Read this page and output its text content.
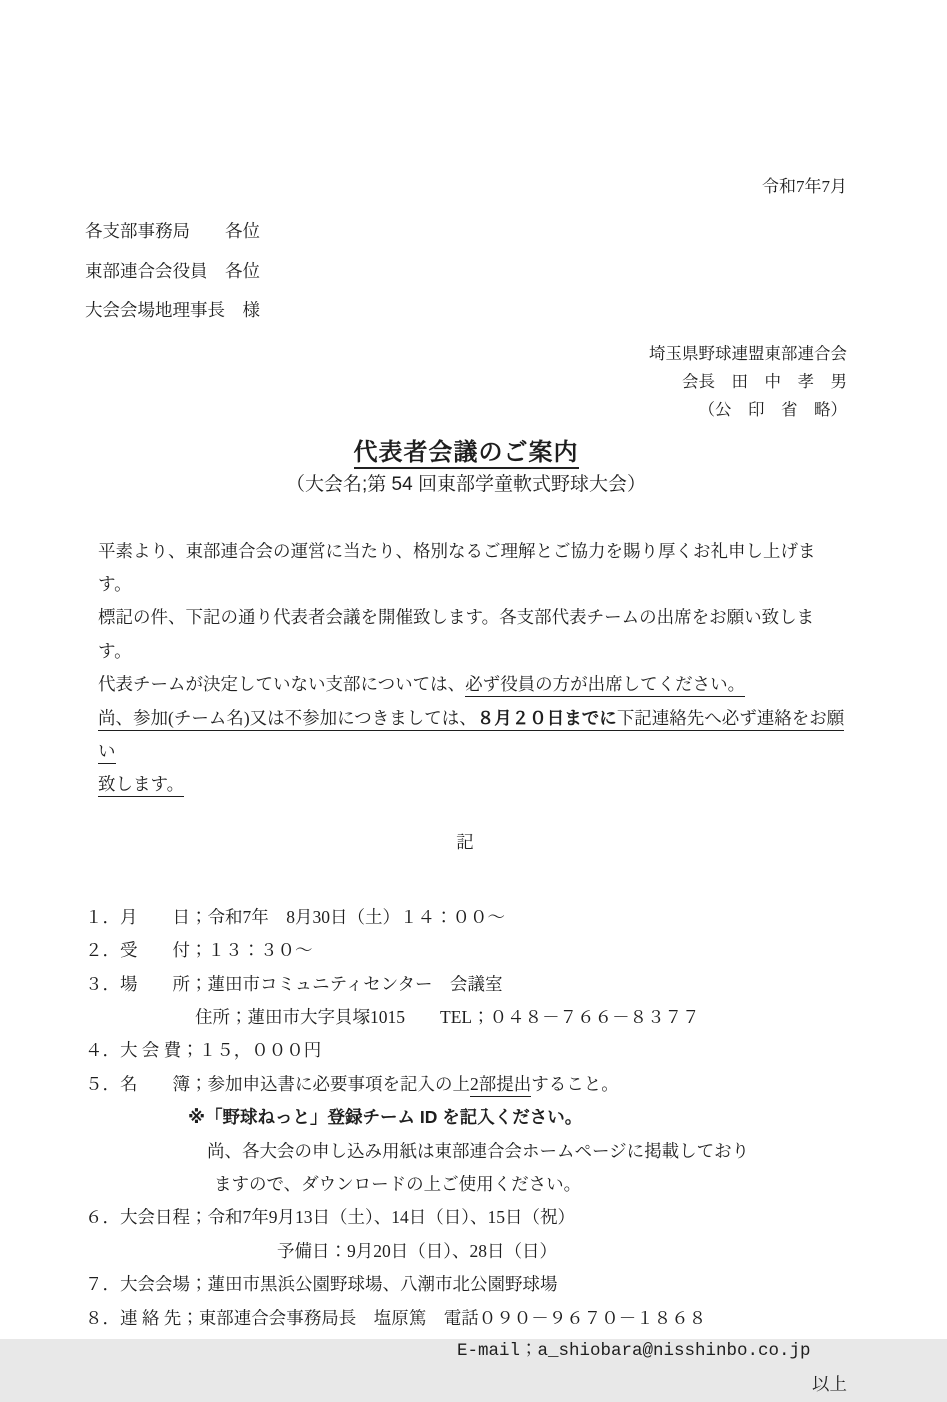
令和7年7月
各支部事務局　　各位
東部連合会役員　各位
大会会場地理事長　様
埼玉県野球連盟東部連合会
会長　田　中　孝　男
（公　印　省　略）
代表者会議のご案内
（大会名;第 54 回東部学童軟式野球大会）
平素より、東部連合会の運営に当たり、格別なるご理解とご協力を賜り厚くお礼申し上げます。
標記の件、下記の通り代表者会議を開催致します。各支部代表チームの出席をお願い致します。
代表チームが決定していない支部については、必ず役員の方が出席してください。
尚、参加(チーム名)又は不参加につきましては、８月２０日までに下記連絡先へ必ず連絡をお願い
致します。
記
１．月　　日；令和7年　8月30日（土）１４：００～
２．受　　付；１３：３０～
３．場　　所；蓮田市コミュニティセンター　会議室
住所；蓮田市大字貝塚1015　　TEL；０４８－７６６－８３７７
４．大 会 費；１５，０００円
５．名　　簿；参加申込書に必要事項を記入の上2部提出すること。
※「野球ねっと」登録チーム ID を記入ください。
尚、各大会の申し込み用紙は東部連合会ホームページに掲載しており
ますので、ダウンロードの上ご使用ください。
６．大会日程；令和7年9月13日（土）、14日（日）、15日（祝）
予備日：9月20日（日）、28日（日）
７．大会会場；蓮田市黒浜公園野球場、八潮市北公園野球場
８．連 絡 先；東部連合会事務局長　塩原篤　電話０９０－９６７０－１８６８
E-mail；a_shiobara@nisshinbo.co.jp
以上
